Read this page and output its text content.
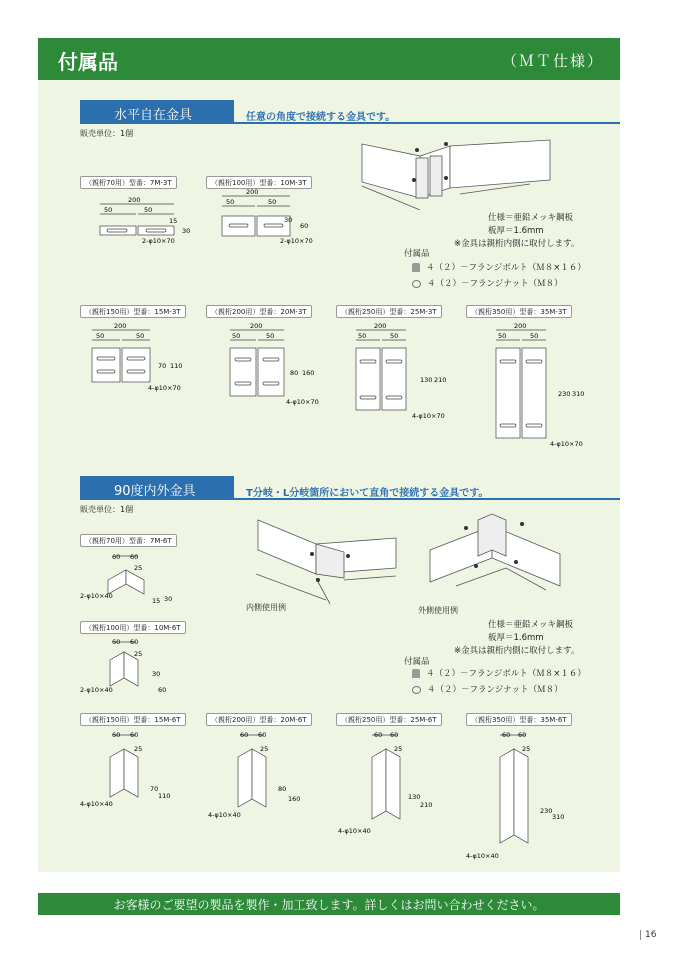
付属品	（ＭＴ仕様）
水平自在金具	任意の角度で接続する金具です。
販売単位：1個
（親桁70用）型番：7M-3T	（親桁100用）型番：10M-3T
（親桁150用）型番：15M-3T	（親桁200用）型番：20M-3T	（親桁250用）型番：25M-3T	（親桁350用）型番：35M-3T
200
50	50
15
30
2-φ10×70
200
50	50
30
60
2-φ10×70
200
50	50
70 110
4-φ10×70
200
50	50
80 160
4-φ10×70
200
50	50
130 210
4-φ10×70
200
50	50
230 310
4-φ10×70
仕様＝亜鉛メッキ鋼板
板厚＝1.6mm
※金具は親桁内側に取付します。
付属品
４（２）－フランジボルト（Ｍ８×１６）
４（２）－フランジナット（Ｍ８）
90度内外金具	T分岐・L分岐箇所において直角で接続する金具です。
販売単位：1個
（親桁70用）型番：7M-6T
（親桁100用）型番：10M-6T
（親桁150用）型番：15M-6T	（親桁200用）型番：20M-6T	（親桁250用）型番：25M-6T	（親桁350用）型番：35M-6T
60 60
25
15 30
2-φ10×40
60 60
25
30
60
2-φ10×40
60 60
25
70
110
4-φ10×40
60 60
25
80
160
4-φ10×40
60 60
25
130
210
4-φ10×40
60 60
25
230
310
4-φ10×40
内側使用例	外側使用例
仕様＝亜鉛メッキ鋼板
板厚＝1.6mm
※金具は親桁内側に取付します。
付属品
４（２）－フランジボルト（Ｍ８×１６）
４（２）－フランジナット（Ｍ８）
お客様のご要望の製品を製作・加工致します。詳しくはお問い合わせください。
16
